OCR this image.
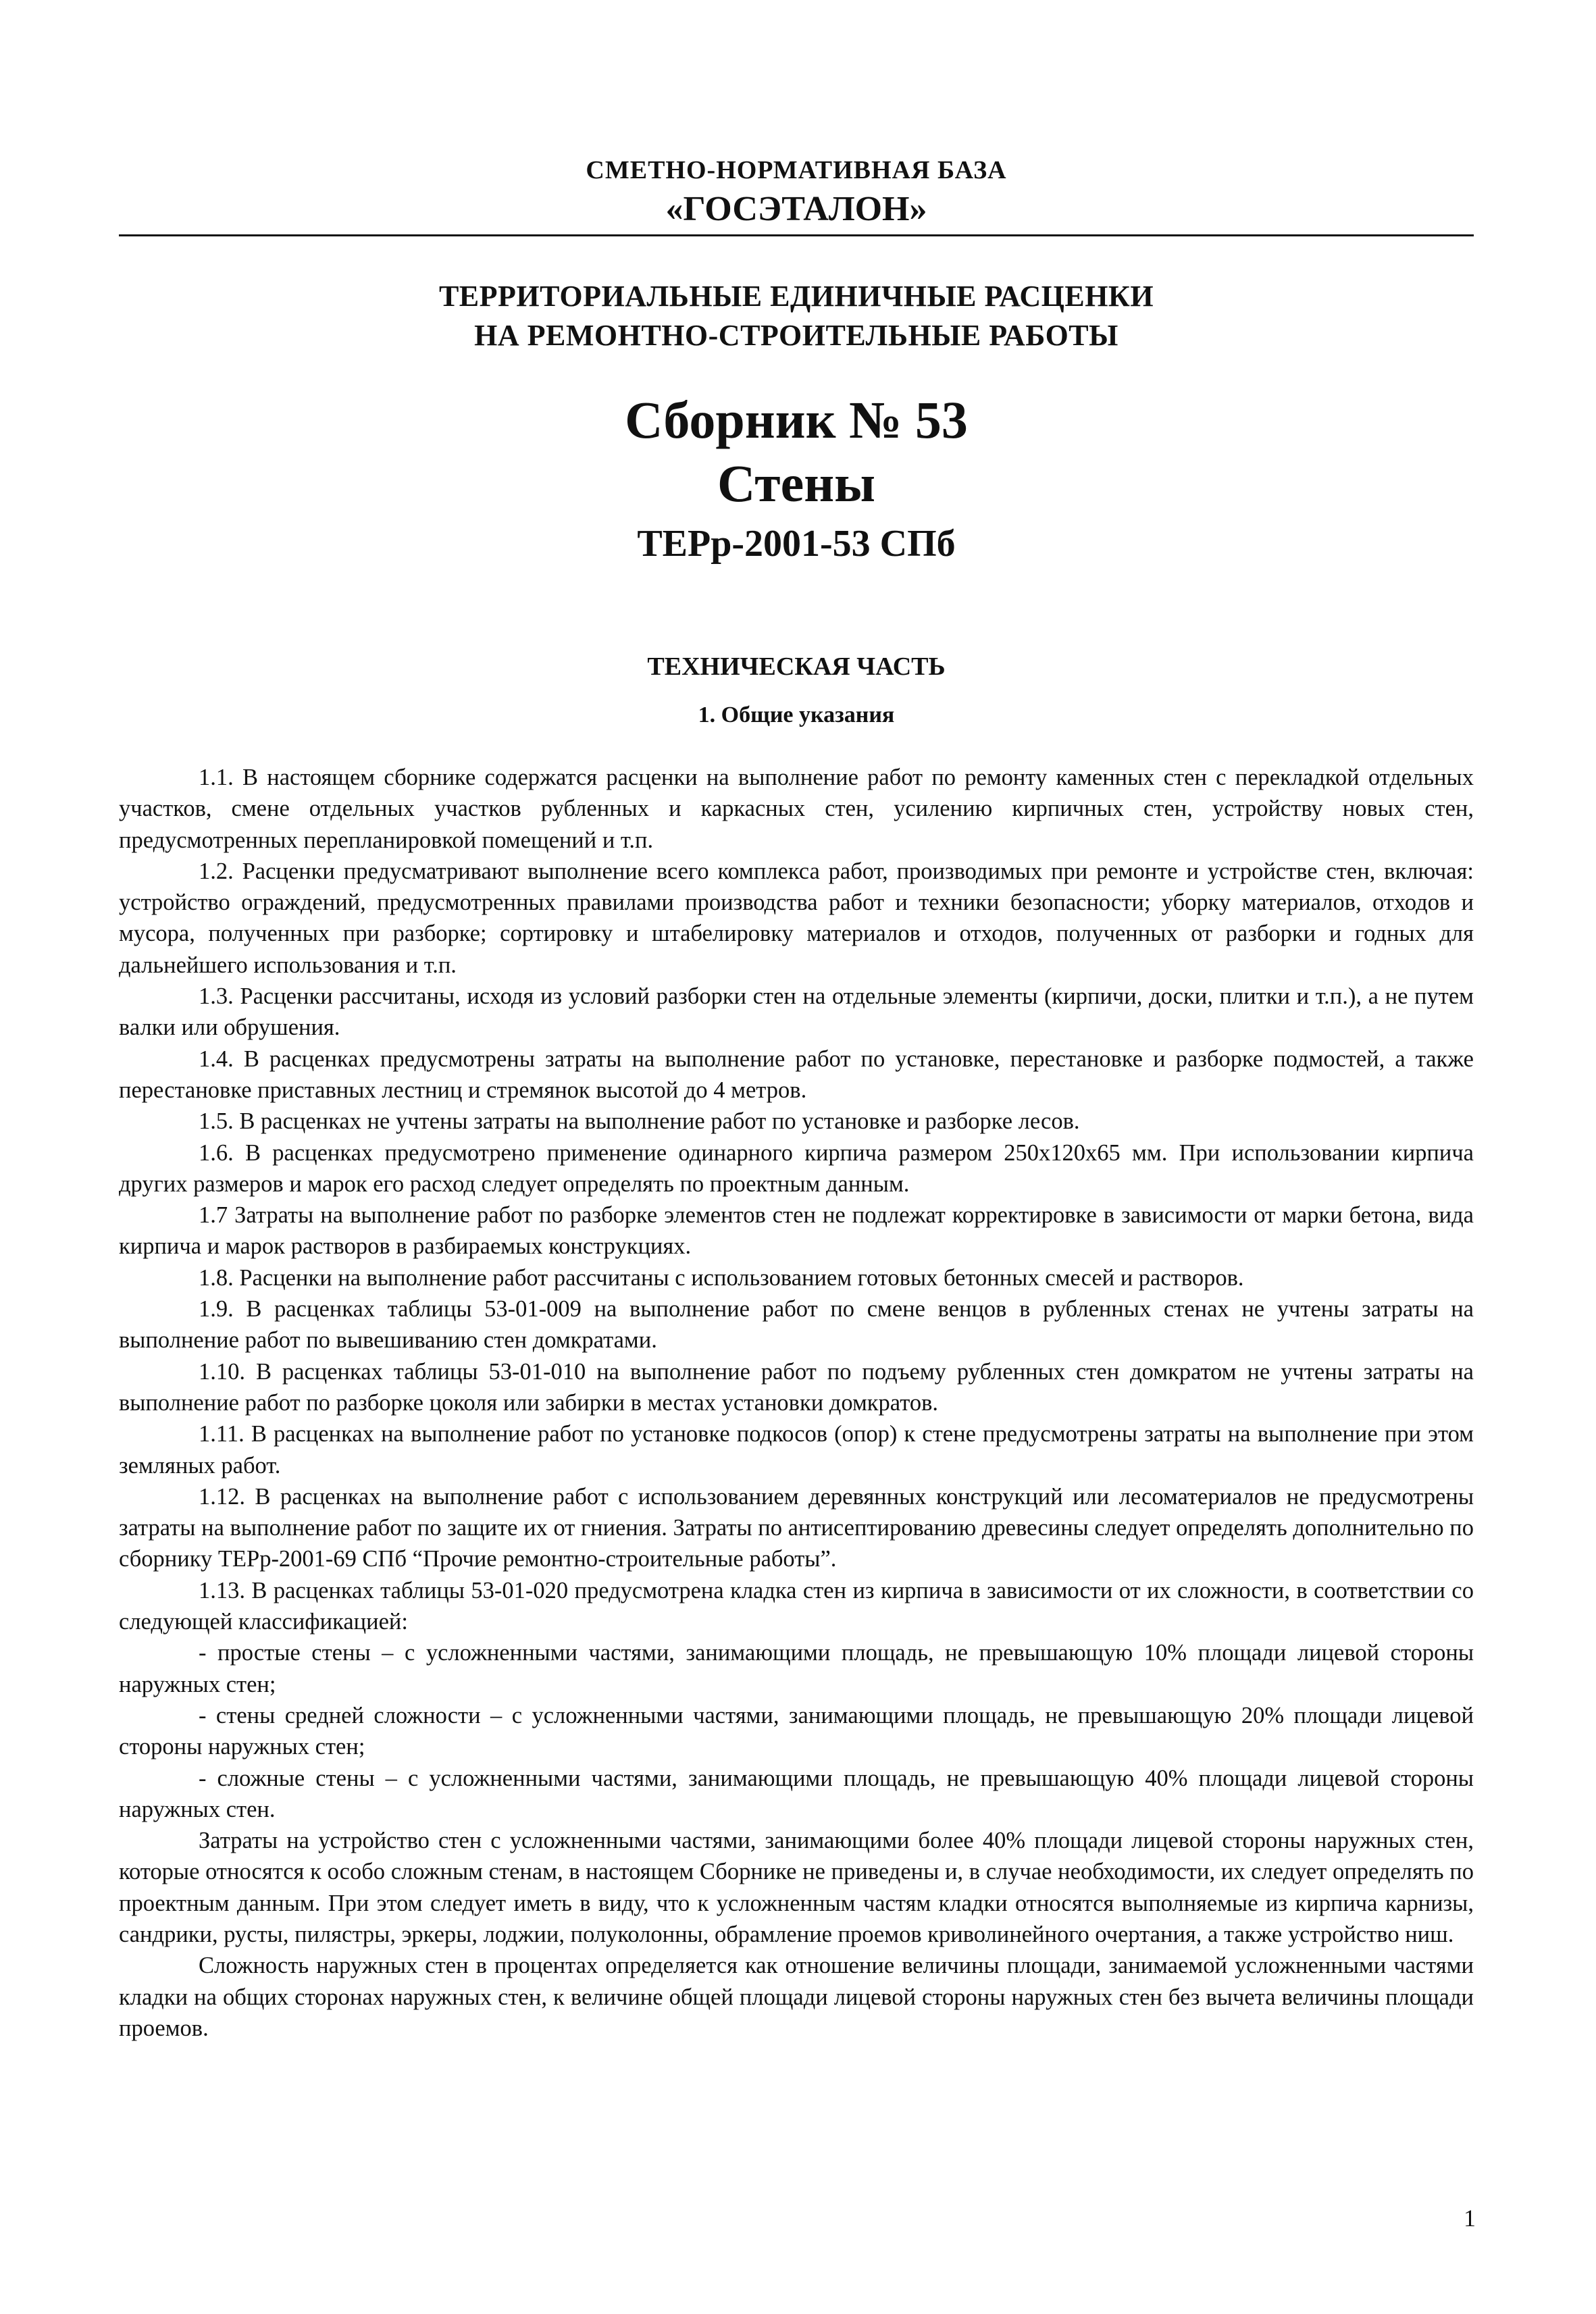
СМЕТНО-НОРМАТИВНАЯ БАЗА
«ГОСЭТАЛОН»
ТЕРРИТОРИАЛЬНЫЕ ЕДИНИЧНЫЕ РАСЦЕНКИ
НА РЕМОНТНО-СТРОИТЕЛЬНЫЕ РАБОТЫ
Сборник № 53
Стены
ТЕРр-2001-53 СПб
ТЕХНИЧЕСКАЯ ЧАСТЬ
1. Общие указания

1.1. В настоящем сборнике содержатся расценки на выполнение работ по ремонту каменных стен с перекладкой отдельных участков, смене отдельных участков рубленных и каркасных стен, усилению кирпичных стен, устройству новых стен, предусмотренных перепланировкой помещений и т.п.

1.2. Расценки предусматривают выполнение всего комплекса работ, производимых при ремонте и устройстве стен, включая: устройство ограждений, предусмотренных правилами производства работ и техники безопасности; уборку материалов, отходов и мусора, полученных при разборке; сортировку и штабелировку материалов и отходов, полученных от разборки и годных для дальнейшего использования и т.п.

1.3. Расценки рассчитаны, исходя из условий разборки стен на отдельные элементы (кирпичи, доски, плитки и т.п.), а не путем валки или обрушения.

1.4. В расценках предусмотрены затраты на выполнение работ по установке, перестановке и разборке подмостей, а также перестановке приставных лестниц и стремянок высотой до 4 метров.

1.5. В расценках не учтены затраты на выполнение работ по установке и разборке лесов.

1.6. В расценках предусмотрено применение одинарного кирпича размером 250х120х65 мм. При использовании кирпича других размеров и марок его расход следует определять по проектным данным.

1.7 Затраты на выполнение работ по разборке элементов стен не подлежат корректировке в зависимости от марки бетона, вида кирпича и марок растворов в разбираемых конструкциях.

1.8. Расценки на выполнение работ рассчитаны с использованием готовых бетонных смесей и растворов.

1.9. В расценках таблицы 53-01-009 на выполнение работ по смене венцов в рубленных стенах не учтены затраты на выполнение работ по вывешиванию стен домкратами.

1.10. В расценках таблицы 53-01-010 на выполнение работ по подъему рубленных стен домкратом не учтены затраты на выполнение работ по разборке цоколя или забирки в местах установки домкратов.

1.11. В расценках на выполнение работ по установке подкосов (опор) к стене предусмотрены затраты на выполнение при этом земляных работ.

1.12. В расценках на выполнение работ с использованием деревянных конструкций или лесоматериалов не предусмотрены затраты на выполнение работ по защите их от гниения. Затраты по антисептированию древесины следует определять дополнительно по сборнику ТЕРр-2001-69 СПб “Прочие ремонтно-строительные работы”.

1.13. В расценках таблицы 53-01-020 предусмотрена кладка стен из кирпича в зависимости от их сложности, в соответствии со следующей классификацией:

- простые стены – с усложненными частями, занимающими площадь, не превышающую 10% площади лицевой стороны наружных стен;

- стены средней сложности – с усложненными частями, занимающими площадь, не превышающую 20% площади лицевой стороны наружных стен;

- сложные стены – с усложненными частями, занимающими площадь, не превышающую 40% площади лицевой стороны наружных стен.

Затраты на устройство стен с усложненными частями, занимающими более 40% площади лицевой стороны наружных стен, которые относятся к особо сложным стенам, в настоящем Сборнике не приведены и, в случае необходимости, их следует определять по проектным данным. При этом следует иметь в виду, что к усложненным частям кладки относятся выполняемые из кирпича карнизы, сандрики, русты, пилястры, эркеры, лоджии, полуколонны, обрамление проемов криволинейного очертания, а также устройство ниш.

Сложность наружных стен в процентах определяется как отношение величины площади, занимаемой усложненными частями кладки на общих сторонах наружных стен, к величине общей площади лицевой стороны наружных стен без вычета величины площади проемов.

1
